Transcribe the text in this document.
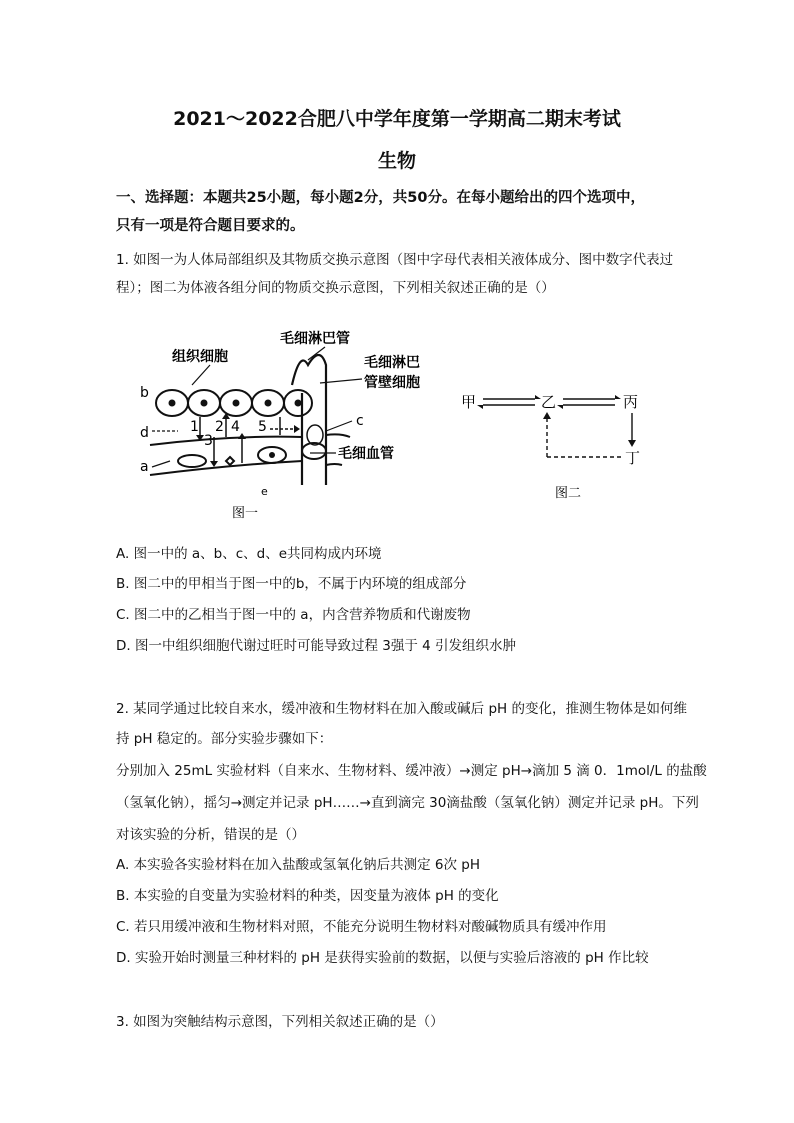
2021～2022合肥八中学年度第一学期高二期末考试
生物
一、选择题：本题共25小题，每小题2分，共50分。在每小题给出的四个选项中，
只有一项是符合题目要求的。
1. 如图一为人体局部组织及其物质交换示意图（图中字母代表相关液体成分、图中数字代表过
程）；图二为体液各组分间的物质交换示意图，下列相关叙述正确的是（）
组织细胞
毛细淋巴管
毛细淋巴
管壁细胞
毛细血管
b
d
a
c
e
1 2
3
4 5
图一
甲	乙	丙
丁
图二
A. 图一中的 a、b、c、d、e共同构成内环境
B. 图二中的甲相当于图一中的b，不属于内环境的组成部分
C. 图二中的乙相当于图一中的 a，内含营养物质和代谢废物
D. 图一中组织细胞代谢过旺时可能导致过程 3强于 4 引发组织水肿
2. 某同学通过比较自来水，缓冲液和生物材料在加入酸或碱后 pH 的变化，推测生物体是如何维
持 pH 稳定的。部分实验步骤如下：
分别加入 25mL 实验材料（自来水、生物材料、缓冲液）→测定 pH→滴加 5 滴 0．1mol/L 的盐酸
（氢氧化钠），摇匀→测定并记录 pH……→直到滴完 30滴盐酸（氢氧化钠）测定并记录 pH。下列
对该实验的分析，错误的是（）
A. 本实验各实验材料在加入盐酸或氢氧化钠后共测定 6次 pH
B. 本实验的自变量为实验材料的种类，因变量为液体 pH 的变化
C. 若只用缓冲液和生物材料对照，不能充分说明生物材料对酸碱物质具有缓冲作用
D. 实验开始时测量三种材料的 pH 是获得实验前的数据，以便与实验后溶液的 pH 作比较
3. 如图为突触结构示意图，下列相关叙述正确的是（）
